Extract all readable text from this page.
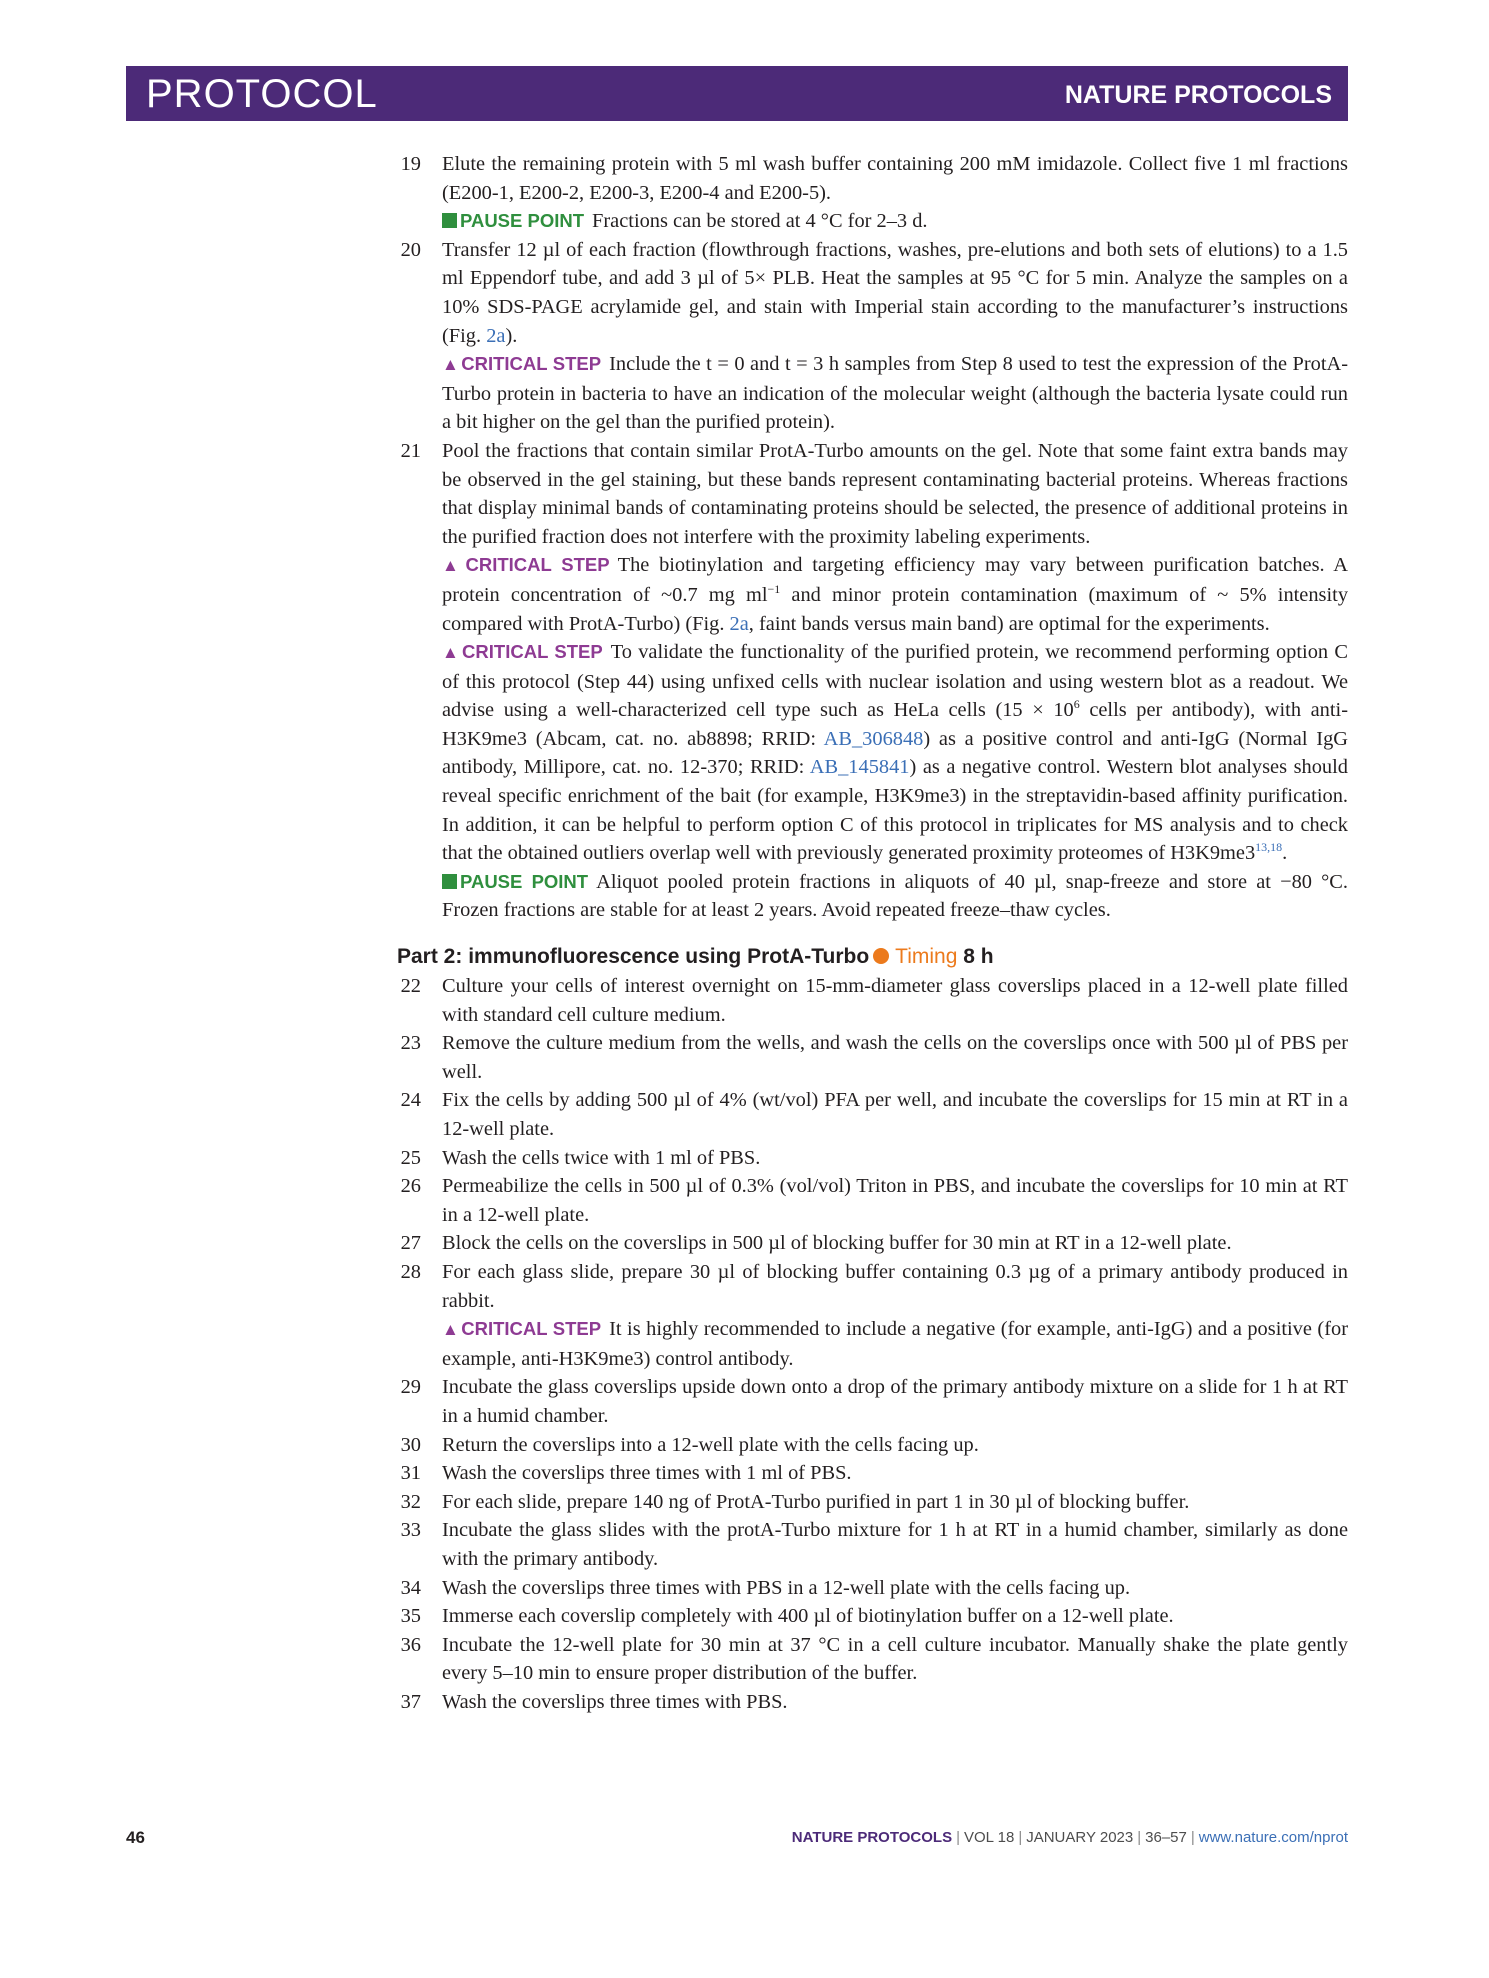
PROTOCOL	NATURE PROTOCOLS
19 Elute the remaining protein with 5 ml wash buffer containing 200 mM imidazole. Collect five 1 ml fractions (E200-1, E200-2, E200-3, E200-4 and E200-5).
PAUSE POINT Fractions can be stored at 4 °C for 2–3 d.
20 Transfer 12 µl of each fraction (flowthrough fractions, washes, pre-elutions and both sets of elutions) to a 1.5 ml Eppendorf tube, and add 3 µl of 5× PLB. Heat the samples at 95 °C for 5 min. Analyze the samples on a 10% SDS-PAGE acrylamide gel, and stain with Imperial stain according to the manufacturer’s instructions (Fig. 2a).
▲ CRITICAL STEP Include the t = 0 and t = 3 h samples from Step 8 used to test the expression of the ProtA-Turbo protein in bacteria to have an indication of the molecular weight (although the bacteria lysate could run a bit higher on the gel than the purified protein).
21 Pool the fractions that contain similar ProtA-Turbo amounts on the gel. Note that some faint extra bands may be observed in the gel staining, but these bands represent contaminating bacterial proteins. Whereas fractions that display minimal bands of contaminating proteins should be selected, the presence of additional proteins in the purified fraction does not interfere with the proximity labeling experiments.
▲ CRITICAL STEP The biotinylation and targeting efficiency may vary between purification batches. A protein concentration of ~0.7 mg $ml^{-1}$ and minor protein contamination (maximum of ~ 5% intensity compared with ProtA-Turbo) (Fig. 2a, faint bands versus main band) are optimal for the experiments.
▲ CRITICAL STEP To validate the functionality of the purified protein, we recommend performing option C of this protocol (Step 44) using unfixed cells with nuclear isolation and using western blot as a readout. We advise using a well-characterized cell type such as HeLa cells ($15 \times 10^6$ cells per antibody), with anti-H3K9me3 (Abcam, cat. no. ab8898; RRID: AB_306848) as a positive control and anti-IgG (Normal IgG antibody, Millipore, cat. no. 12-370; RRID: AB_145841) as a negative control. Western blot analyses should reveal specific enrichment of the bait (for example, H3K9me3) in the streptavidin-based affinity purification. In addition, it can be helpful to perform option C of this protocol in triplicates for MS analysis and to check that the obtained outliers overlap well with previously generated proximity proteomes of H3K9me3$^{13,18}$.
PAUSE POINT Aliquot pooled protein fractions in aliquots of 40 µl, snap-freeze and store at −80 °C. Frozen fractions are stable for at least 2 years. Avoid repeated freeze–thaw cycles.
Part 2: immunofluorescence using ProtA-Turbo Timing 8 h
22 Culture your cells of interest overnight on 15-mm-diameter glass coverslips placed in a 12-well plate filled with standard cell culture medium.
23 Remove the culture medium from the wells, and wash the cells on the coverslips once with 500 µl of PBS per well.
24 Fix the cells by adding 500 µl of 4% (wt/vol) PFA per well, and incubate the coverslips for 15 min at RT in a 12-well plate.
25 Wash the cells twice with 1 ml of PBS.
26 Permeabilize the cells in 500 µl of 0.3% (vol/vol) Triton in PBS, and incubate the coverslips for 10 min at RT in a 12-well plate.
27 Block the cells on the coverslips in 500 µl of blocking buffer for 30 min at RT in a 12-well plate.
28 For each glass slide, prepare 30 µl of blocking buffer containing 0.3 µg of a primary antibody produced in rabbit.
▲ CRITICAL STEP It is highly recommended to include a negative (for example, anti-IgG) and a positive (for example, anti-H3K9me3) control antibody.
29 Incubate the glass coverslips upside down onto a drop of the primary antibody mixture on a slide for 1 h at RT in a humid chamber.
30 Return the coverslips into a 12-well plate with the cells facing up.
31 Wash the coverslips three times with 1 ml of PBS.
32 For each slide, prepare 140 ng of ProtA-Turbo purified in part 1 in 30 µl of blocking buffer.
33 Incubate the glass slides with the protA-Turbo mixture for 1 h at RT in a humid chamber, similarly as done with the primary antibody.
34 Wash the coverslips three times with PBS in a 12-well plate with the cells facing up.
35 Immerse each coverslip completely with 400 µl of biotinylation buffer on a 12-well plate.
36 Incubate the 12-well plate for 30 min at 37 °C in a cell culture incubator. Manually shake the plate gently every 5–10 min to ensure proper distribution of the buffer.
37 Wash the coverslips three times with PBS.
46	NATURE PROTOCOLS | VOL 18 | JANUARY 2023 | 36–57 | www.nature.com/nprot
